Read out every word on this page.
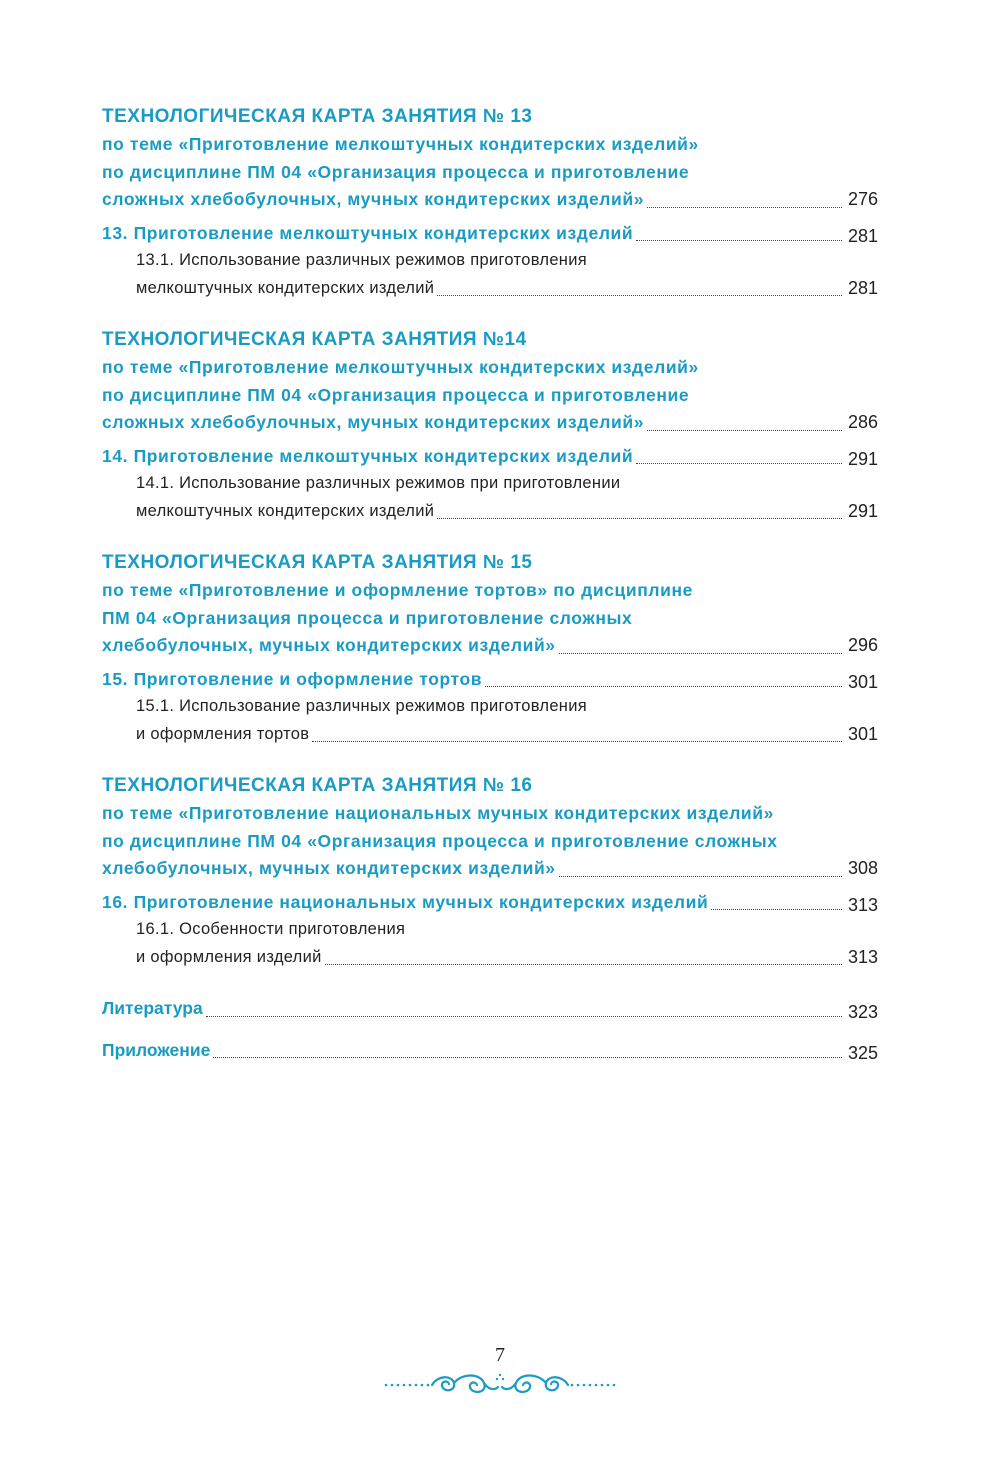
ТЕХНОЛОГИЧЕСКАЯ КАРТА ЗАНЯТИЯ № 13

по теме «Приготовление мелкоштучных кондитерских изделий»

по дисциплине ПМ 04 «Организация процесса и приготовление

сложных хлебобулочных, мучных кондитерских изделий»	276
13. Приготовление мелкоштучных кондитерских изделий	281

13.1. Использование различных режимов приготовления

мелкоштучных кондитерских изделий	281

ТЕХНОЛОГИЧЕСКАЯ КАРТА ЗАНЯТИЯ №14

по теме «Приготовление мелкоштучных кондитерских изделий»

по дисциплине ПМ 04 «Организация процесса и приготовление

сложных хлебобулочных, мучных кондитерских изделий»	286
14. Приготовление мелкоштучных кондитерских изделий	291

14.1. Использование различных режимов при приготовлении

мелкоштучных кондитерских изделий	291

ТЕХНОЛОГИЧЕСКАЯ КАРТА ЗАНЯТИЯ № 15

по теме «Приготовление и оформление тортов» по дисциплине

ПМ 04 «Организация процесса и приготовление сложных

хлебобулочных, мучных кондитерских изделий»	296
15. Приготовление и оформление тортов	301

15.1. Использование различных режимов приготовления

и оформления тортов	301

ТЕХНОЛОГИЧЕСКАЯ КАРТА ЗАНЯТИЯ № 16

по теме «Приготовление национальных мучных кондитерских изделий»

по дисциплине ПМ 04 «Организация процесса и приготовление сложных

хлебобулочных, мучных кондитерских изделий»	308
16. Приготовление национальных мучных кондитерских изделий	313

16.1. Особенности приготовления

и оформления изделий	313
Литература	323
Приложение	325
7
